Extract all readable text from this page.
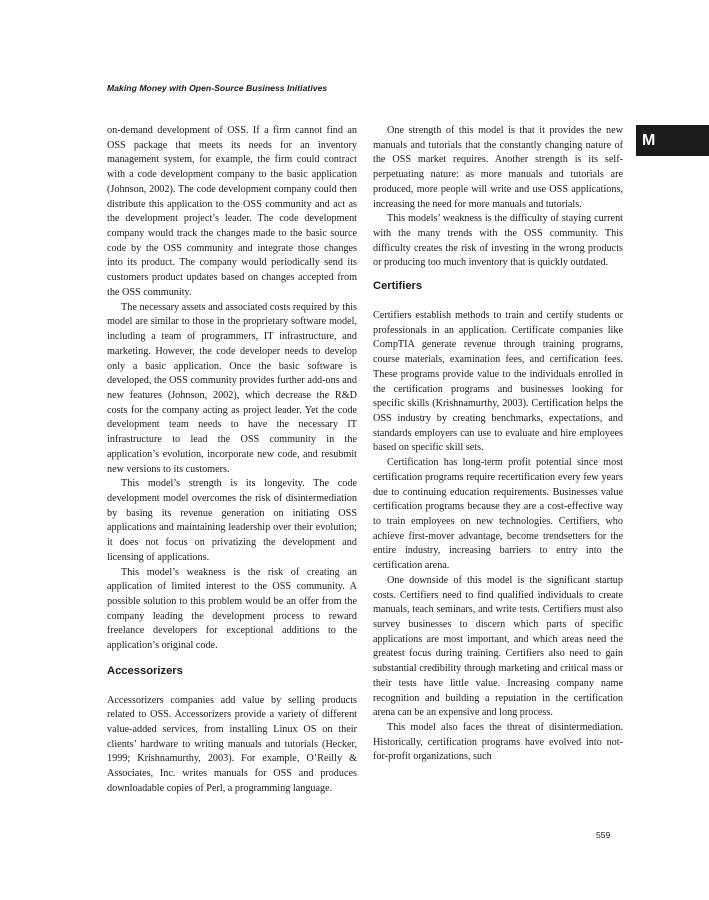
Making Money with Open-Source Business Initiatives
M

on-demand development of OSS. If a firm cannot find an OSS package that meets its needs for an inventory management system, for example, the firm could contract with a code development company to the basic application (Johnson, 2002). The code development company could then distribute this application to the OSS community and act as the development project’s leader. The code development company would track the changes made to the basic source code by the OSS community and integrate those changes into its product. The company would periodically send its customers product updates based on changes accepted from the OSS community.

The necessary assets and associated costs required by this model are similar to those in the proprietary software model, including a team of programmers, IT infrastructure, and marketing. However, the code developer needs to develop only a basic application. Once the basic software is developed, the OSS community provides further add-ons and new features (Johnson, 2002), which decrease the R&D costs for the company acting as project leader. Yet the code development team needs to have the necessary IT infrastructure to lead the OSS community in the application’s evolution, incorporate new code, and resubmit new versions to its customers.

This model’s strength is its longevity. The code development model overcomes the risk of disintermediation by basing its revenue generation on initiating OSS applications and maintaining leadership over their evolution; it does not focus on privatizing the development and licensing of applications.

This model’s weakness is the risk of creating an application of limited interest to the OSS community. A possible solution to this problem would be an offer from the company leading the development process to reward freelance developers for exceptional additions to the application’s original code.

Accessorizers

Accessorizers companies add value by selling products related to OSS. Accessorizers provide a variety of different value-added services, from installing Linux OS on their clients’ hardware to writing manuals and tutorials (Hecker, 1999; Krishnamurthy, 2003). For example, O’Reilly & Associates, Inc. writes manuals for OSS and produces downloadable copies of Perl, a programming language.

One strength of this model is that it provides the new manuals and tutorials that the constantly changing nature of the OSS market requires. Another strength is its self-perpetuating nature: as more manuals and tutorials are produced, more people will write and use OSS applications, increasing the need for more manuals and tutorials.

This models’ weakness is the difficulty of staying current with the many trends with the OSS community. This difficulty creates the risk of investing in the wrong products or producing too much inventory that is quickly outdated.

Certifiers

Certifiers establish methods to train and certify students or professionals in an application. Certificate companies like CompTIA generate revenue through training programs, course materials, examination fees, and certification fees. These programs provide value to the individuals enrolled in the certification programs and businesses looking for specific skills (Krishnamurthy, 2003). Certification helps the OSS industry by creating benchmarks, expectations, and standards employers can use to evaluate and hire employees based on specific skill sets.

Certification has long-term profit potential since most certification programs require recertification every few years due to continuing education requirements. Businesses value certification programs because they are a cost-effective way to train employees on new technologies. Certifiers, who achieve first-mover advantage, become trendsetters for the entire industry, increasing barriers to entry into the certification arena.

One downside of this model is the significant startup costs. Certifiers need to find qualified individuals to create manuals, teach seminars, and write tests. Certifiers must also survey businesses to discern which parts of specific applications are most important, and which areas need the greatest focus during training. Certifiers also need to gain substantial credibility through marketing and critical mass or their tests have little value. Increasing company name recognition and building a reputation in the certification arena can be an expensive and long process.

This model also faces the threat of disintermediation. Historically, certification programs have evolved into not-for-profit organizations, such

559
